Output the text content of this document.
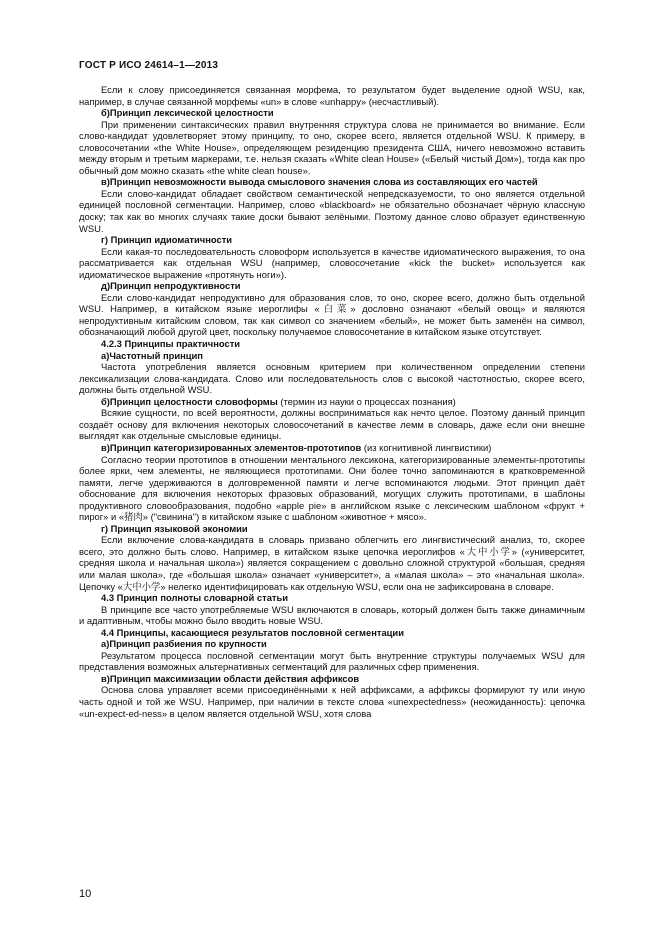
ГОСТ Р ИСО 24614–1—2013

Если к слову присоединяется связанная морфема, то результатом будет выделение одной WSU, как, например, в случае связанной морфемы «un» в слове «unhappy» (несчастливый).

б)Принцип лексической целостности

При применении синтаксических правил внутренняя структура слова не принимается во внимание. Если слово-кандидат удовлетворяет этому принципу, то оно, скорее всего, является отдельной WSU. К примеру, в словосочетании «the White House», определяющем резиденцию президента США, ничего невозможно вставить между вторым и третьим маркерами, т.е. нельзя сказать «White clean House» («Белый чистый Дом»), тогда как про обычный дом можно сказать «the white clean house».

в)Принцип невозможности вывода смыслового значения слова из составляющих его частей

Если слово-кандидат обладает свойством семантической непредсказуемости, то оно является отдельной единицей пословной сегментации. Например, слово «blackboard» не обязательно обозначает чёрную классную доску; так как во многих случаях такие доски бывают зелёными. Поэтому данное слово образует единственную WSU.

г) Принцип идиоматичности

Если какая-то последовательность словоформ используется в качестве идиоматического выражения, то она рассматривается как отдельная WSU (например, словосочетание «kick the bucket» используется как идиоматическое выражение «протянуть ноги»).

д)Принцип непродуктивности

Если слово-кандидат непродуктивно для образования слов, то оно, скорее всего, должно быть отдельной WSU. Например, в китайском языке иероглифы «白菜» дословно означают «белый овощ» и являются непродуктивным китайским словом, так как символ со значением «белый», не может быть заменён на символ, обозначающий любой другой цвет, поскольку получаемое словосочетание в китайском языке отсутствует.

4.2.3 Принципы практичности

а)Частотный принцип

Частота употребления является основным критерием при количественном определении степени лексикализации слова-кандидата. Слово или последовательность слов с высокой частотностью, скорее всего, должны быть отдельной WSU.

б)Принцип целостности словоформы (термин из науки о процессах познания)

Всякие сущности, по всей вероятности, должны восприниматься как нечто целое. Поэтому данный принцип создаёт основу для включения некоторых словосочетаний в качестве лемм в словарь, даже если они внешне выглядят как отдельные смысловые единицы.

в)Принцип категоризированных элементов-прототипов (из когнитивной лингвистики)

Согласно теории прототипов в отношении ментального лексикона, категоризированные элементы-прототипы более ярки, чем элементы, не являющиеся прототипами. Они более точно запоминаются в кратковременной памяти, легче удерживаются в долговременной памяти и легче вспоминаются людьми. Этот принцип даёт обоснование для включения некоторых фразовых образований, могущих служить прототипами, в шаблоны продуктивного словообразования, подобно «apple pie» в английском языке с лексическим шаблоном «фрукт + пирог» и «猪肉» ("свинина") в китайском языке с шаблоном «животное + мясо».

г) Принцип языковой экономии

Если включение слова-кандидата в словарь призвано облегчить его лингвистический анализ, то, скорее всего, это должно быть слово. Например, в китайском языке цепочка иероглифов «大中小学» («университет, средняя школа и начальная школа») является сокращением с довольно сложной структурой «большая, средняя или малая школа», где «большая школа» означает «университет», а «малая школа» – это «начальная школа». Цепочку «大中小学» нелегко идентифицировать как отдельную WSU, если она не зафиксирована в словаре.

4.3 Принцип полноты словарной статьи

В принципе все часто употребляемые WSU включаются в словарь, который должен быть также динамичным и адаптивным, чтобы можно было вводить новые WSU.

4.4 Принципы, касающиеся результатов пословной сегментации

а)Принцип разбиения по крупности

Результатом процесса пословной сегментации могут быть внутренние структуры получаемых WSU для представления возможных альтернативных сегментаций для различных сфер применения.

в)Принцип максимизации области действия аффиксов

Основа слова управляет всеми присоединёнными к ней аффиксами, а аффиксы формируют ту или иную часть одной и той же WSU. Например, при наличии в тексте слова «unexpectedness» (неожиданность): цепочка «un-expect-ed-ness» в целом является отдельной WSU, хотя слова

10
